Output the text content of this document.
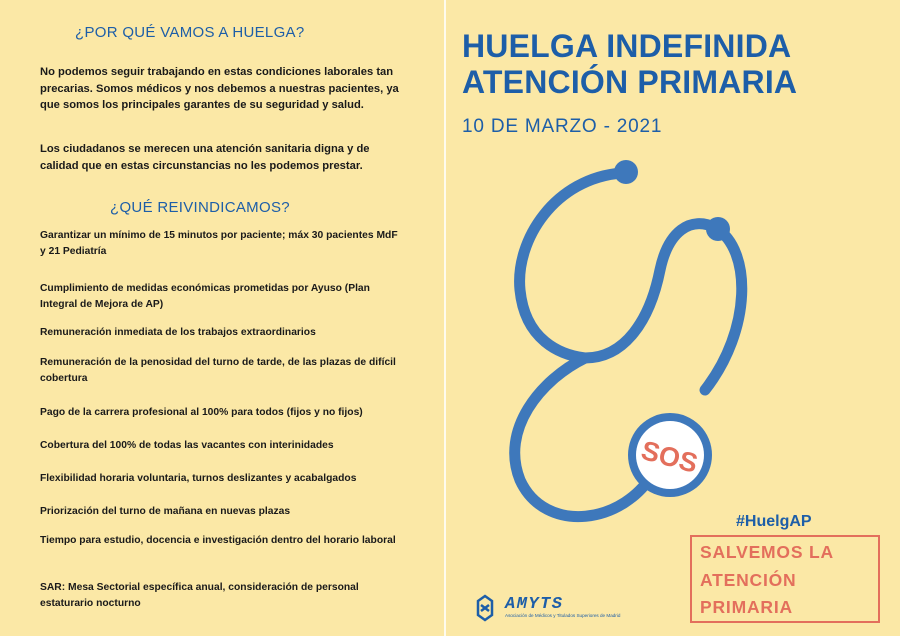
¿POR QUÉ VAMOS A HUELGA?
No podemos seguir trabajando en estas condiciones laborales tan precarias. Somos médicos y nos debemos a nuestras pacientes, ya que somos los principales garantes de su seguridad y salud.
Los ciudadanos se merecen una atención sanitaria digna y de calidad que en estas circunstancias no les podemos prestar.
¿QUÉ REIVINDICAMOS?
Garantizar un mínimo de 15 minutos por paciente; máx 30 pacientes MdF y 21 Pediatría
Cumplimiento de medidas económicas prometidas por Ayuso (Plan Integral de Mejora de AP)
Remuneración inmediata de los trabajos extraordinarios
Remuneración de la penosidad del turno de tarde, de las plazas de difícil cobertura
Pago de la carrera profesional al 100% para todos (fijos y no fijos)
Cobertura del 100% de todas las vacantes con interinidades
Flexibilidad horaria voluntaria, turnos deslizantes y acabalgados
Priorización del turno de mañana en nuevas plazas
Tiempo para estudio, docencia e investigación dentro del horario laboral
SAR: Mesa Sectorial específica anual, consideración de personal estaturario nocturno
HUELGA INDEFINIDA
ATENCIÓN PRIMARIA
10 DE MARZO - 2021
SOS
#HuelgAP
SALVEMOS LA
ATENCIÓN
PRIMARIA
AMYTS
Asociación de Médicos y Titulados Superiores de Madrid
